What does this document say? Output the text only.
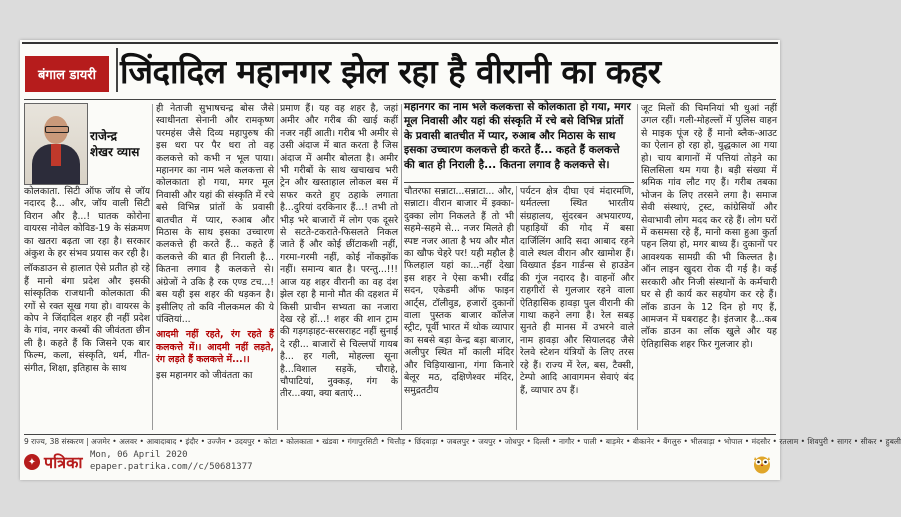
बंगाल डायरी जिंदादिल महानगर झेल रहा है वीरानी का कहर
राजेन्द्र
शेखर व्यास

कोलकाता. सिटी ऑफ जॉय से जॉय नदारद है... और, जॉय वाली सिटी विरान और है...! घातक कोरोना वायरस नोवेल कोविड-19 के संक्रमण का खतरा बढ़ता जा रहा है। सरकार अंकुश के हर संभव प्रयास कर रही है।

लॉकडाउन से हालात ऐसे प्रतीत हो रहे हैं मानो बंगा प्रदेश और इसकी सांस्कृतिक राजधानी कोलकाता की रगों से रक्त सूख गया हो। वायरस के कोप ने जिंदादिल शहर ही नहीं प्रदेश के गांव, नगर कस्बों की जीवंतता छीन ली है। कहते हैं कि जिसने एक बार फिल्म, कला, संस्कृति, धर्म, गीत-संगीत, शिक्षा, इतिहास के साथ

ही नेताजी सुभाषचन्द्र बोस जैसे स्वाधीनता सेनानी और रामकृष्ण परमहंस जैसे दिव्य महापुरुष की इस धरा पर पैर धरा तो वह कलकत्ते को कभी न भूल पाया। महानगर का नाम भले कलकत्ता से कोलकाता हो गया, मगर मूल निवासी और यहां की संस्कृति में रचे बसे विभिन्न प्रांतों के प्रवासी बातचीत में प्यार, रुआब और मिठास के साथ इसका उच्चारण कलकत्ते ही करते हैं... कहते हैं कलकत्ते की बात ही निराली है... कितना लगाव है कलकत्ते से। अंग्रेजों ने उकि है रक एण्ड टच...! बस यही इस शहर की धड़कन है। इसीलिए तो कवि नीलकमल की ये पंक्तियां...

आदमी नहीं रहते, रंग रहते हैं कलकत्ते में।। आदमी नहीं लड़ते, रंग लड़ते हैं कलकत्ते में...।।

इस महानगर को जीवंतता का

प्रमाण हैं। यह वह शहर है, जहां अमीर और गरीब की खाई कहीं नजर नहीं आती। गरीब भी अमीर से उसी अंदाज में बात करता है जिस अंदाज में अमीर बोलता है। अमीर भी गरीबों के साथ खचाखच भरी ट्रेन और खस्ताहाल लोकल बस में सफर करते हुए ठहाके लगाता है...दुरियां दरकिनार हैं...! तभी तो भीड़ भरे बाजारों में लोग एक दूसरे से सटते-टकराते-फिसलते निकल जाते हैं और कोई छींटाकशी नहीं, गरमा-गरमी नहीं, कोई नोंकझोंक नहीं। समान्य बात है। परन्तु...!!! आज यह शहर वीरानी का वह दंश झेल रहा है मानो मौत की दहशत में किसी प्राचीन सभ्यता का नजारा देख रहे हों...! शहर की शान ट्राम की गड़गड़ाहट-सरसराहट नहीं सुनाई दे रही... बाजारों से चिल्लपों गायब है... हर गली, मोहल्ला सूना है...विशाल सड़कें, चौराहे, चौपाटियां, नुक्कड़, गंग के तीर...क्या, क्या बताएं...

महानगर का नाम भले कलकत्ता से कोलकाता हो गया, मगर मूल निवासी और यहां की संस्कृति में रचे बसे विभिन्न प्रांतों के प्रवासी बातचीत में प्यार, रुआब और मिठास के साथ इसका उच्चारण कलकत्ते ही करते हैं... कहते हैं कलकत्ते की बात ही निराली है... कितना लगाव है कलकत्ते से।

चौतरफा सन्नाटा...सन्नाटा... और, सन्नाटा। वीरान बाजार में इक्का-दुक्का लोग निकलते हैं तो भी सहमे-सहमे से... नजर मिलते ही स्पष्ट नजर आता है भय और मौत का खौफ चेहरे पर! यही महौल है फिलहाल यहां का...नहीं देखा इस शहर ने ऐसा कभी। रवींद्र सदन, एकेडमी ऑफ फाइन आर्ट्स, टॉलीवुड, हजारों दुकानों वाला पुस्तक बाजार कॉलेज स्ट्रीट, पूर्वी भारत में थोक व्यापार का सबसे बड़ा केन्द्र बड़ा बाजार, अलीपुर स्थित माँ काली मंदिर और चिड़ियाखाना, गंगा किनारे बेलूर मठ, दक्षिणेश्वर मंदिर, समुद्रतटीय

पर्यटन क्षेत्र दीघा एवं मंदारमणि, धर्मतल्ला स्थित भारतीय संग्रहालय, सुंदरबन अभयारण्य, पहाड़ियों की गोद में बसा दार्जिलिंग आदि सदा आबाद रहने वाले स्थल वीरान और खामोश हैं। विख्यात ईडन गार्डन्स से हाउडेन की गूंज नदारद है। वाहनों और राहगीरों से गुलजार रहने वाला ऐतिहासिक हावड़ा पुल वीरानी की गाथा कहने लगा है। रेल सबड़ सुनते ही मानस में उभरने वाले नाम हावड़ा और सियालदह जैसे रेलवे स्टेशन यंत्रियों के लिए तरस रहे हैं। राज्य में रेल, बस, टैक्सी, टेम्पो आदि आवागमन सेवाएं बंद हैं, व्यापार ठप हैं।

जूट मिलों की चिमनियां भी धुआं नहीं उगल रहीं। गली-मोहल्लों में पुलिस वाहन से माइक पूंज रहे हैं मानो ब्लैक-आउट का ऐलान हो रहा हो, युद्धकाल आ गया हो। चाय बागानों में पत्तियां तोड़ने का सिलसिला थम गया है। बड़ी संख्या में श्रमिक गांव लौट गए हैं। गरीब तबका भोजन के लिए तरसने लगा है। समाज सेवी संस्थाएं, ट्रस्ट, कांग्रेसियों और सेवाभावी लोग मदद कर रहे हैं। लोग घरों में कसमसा रहे हैं, मानो कसा हुआ कुर्ता पहन लिया हो, मगर बाध्य हैं। दुकानों पर आवश्यक सामग्री की भी किल्लत है। ऑन लाइन खुदरा रोक दी गई है। कई सरकारी और निजी संस्थानों के कर्मचारी घर से ही कार्य कर सहयोग कर रहे हैं। लॉक डाउन के 12 दिन हो गए हैं, आमजन में घबराहट है। इंतजार है...कब लॉक डाउन का लॉक खुले और यह ऐतिहासिक शहर फिर गुलजार हो।

9 राज्य, 38 संस्करण | अजमेर • अलवर • आबादाबाद • इंदौर • उज्जैन • उदयपुर • कोटा • कोलकाता • खंडवा • गंगापुरसिटी • चित्तौड़ • छिंदवाड़ा • जबलपुर • जयपुर • जोधपुर • दिल्ली • नागौर • पाली • बाड़मेर • बीकानेर • बैंगलुरु • भीलवाड़ा • भोपाल • मंदसौर • रतलाम • शिवपुरी • सागर • सीकर • हुबली
✦ पत्रिका Mon, 06 April 2020
epaper.patrika.com//c/50681377
